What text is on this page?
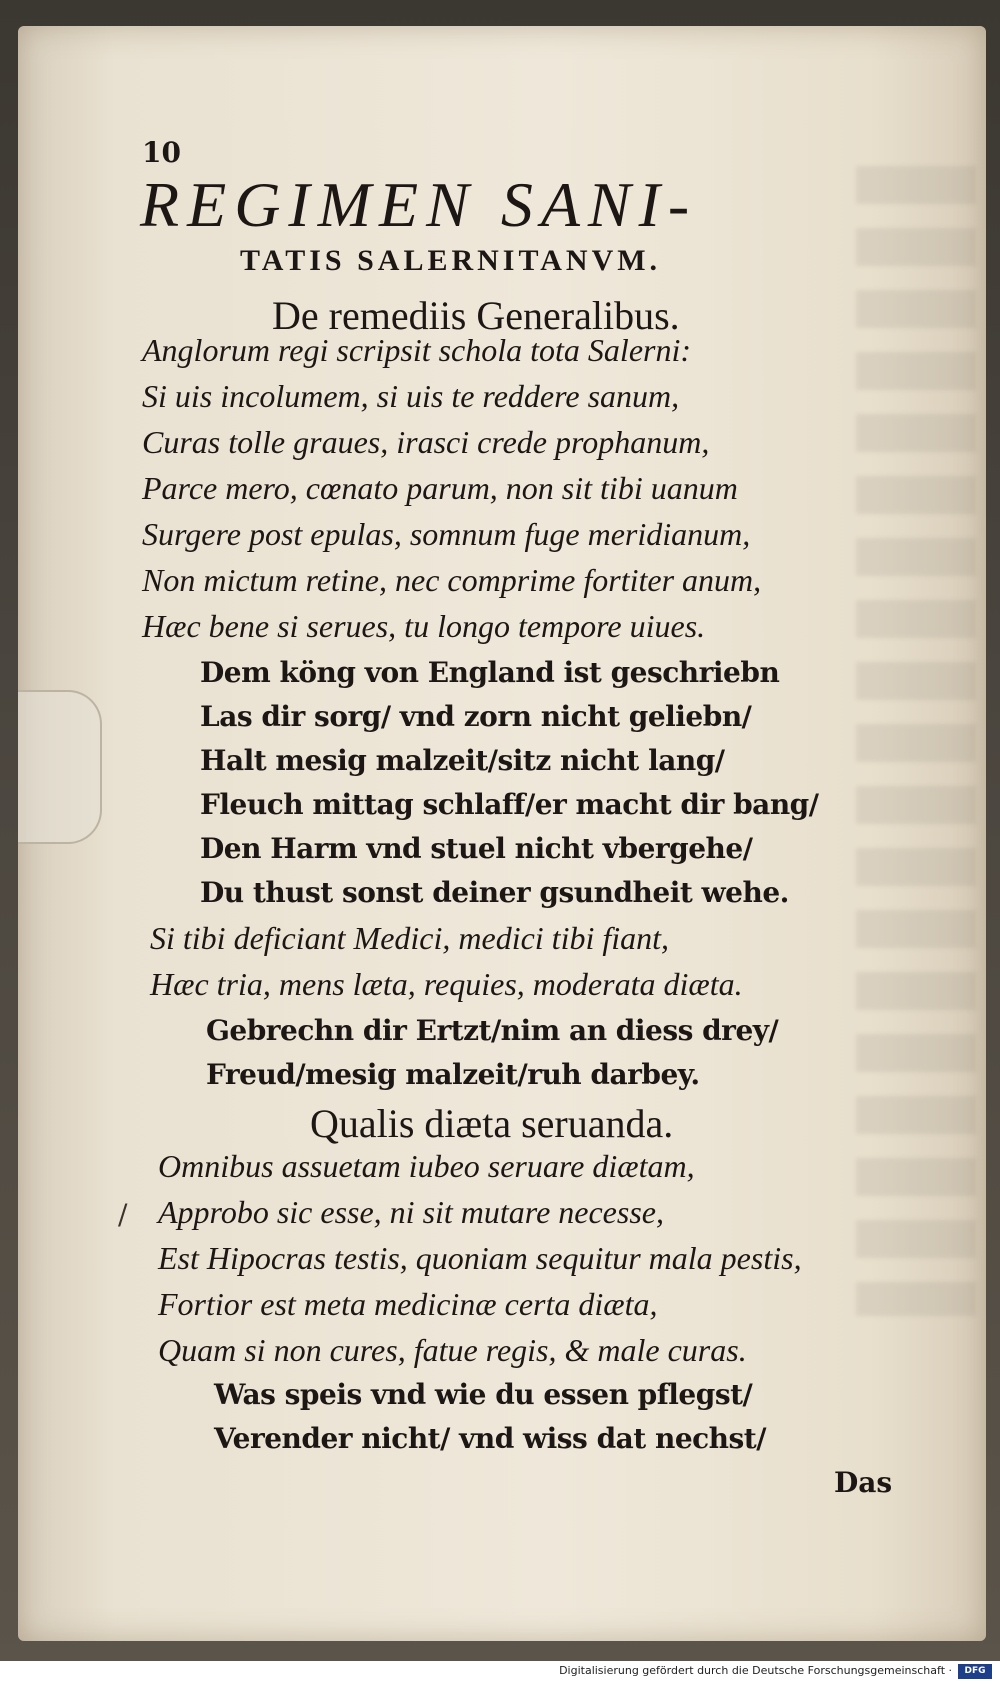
10
REGIMEN SANI-
TATIS SALERNITANVM.
De remediis Generalibus.
Anglorum regi scripsit schola tota Salerni:
Si uis incolumem, si uis te reddere sanum,
Curas tolle graues, irasci crede prophanum,
Parce mero, cœnato parum, non sit tibi uanum
Surgere post epulas, somnum fuge meridianum,
Non mictum retine, nec comprime fortiter anum,
Hæc bene si serues, tu longo tempore uiues.
Dem köng von England ist geschriebn
Las dir sorg/ vnd zorn nicht geliebn/
Halt mesig malzeit/sitz nicht lang/
Fleuch mittag schlaff/er macht dir bang/
Den Harm vnd stuel nicht vbergehe/
Du thust sonst deiner gsundheit wehe.
Si tibi deficiant Medici, medici tibi fiant,
Hæc tria, mens læta, requies, moderata diæta.
Gebrechn dir Ertzt/nim an diess drey/
Freud/mesig malzeit/ruh darbey.
Qualis diæta seruanda.
Omnibus assuetam iubeo seruare diætam,
Approbo sic esse, ni sit mutare necesse,
/
Est Hipocras testis, quoniam sequitur mala pestis,
Fortior est meta medicinæ certa diæta,
Quam si non cures, fatue regis, & male curas.
Was speis vnd wie du essen pflegst/
Verender nicht/ vnd wiss dat nechst/
Das
Digitalisierung gefördert durch die Deutsche Forschungsgemeinschaft ·	DFG
